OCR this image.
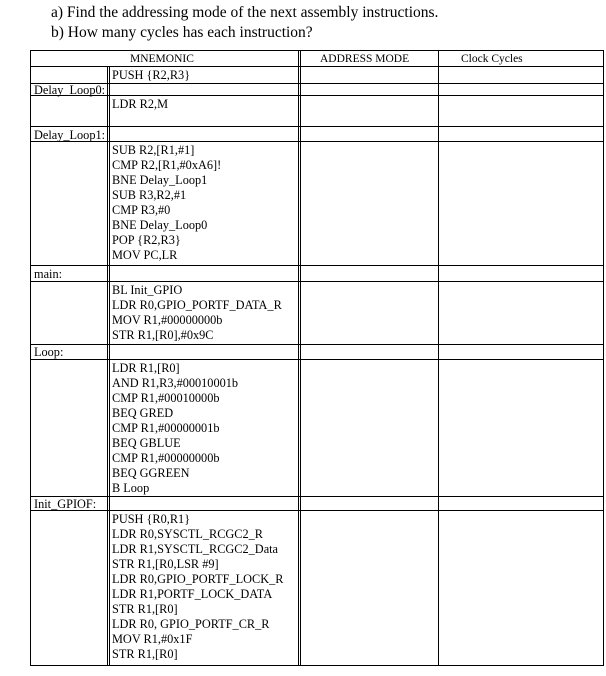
a) Find the addressing mode of the next assembly instructions.
b) How many cycles has each instruction?
MNEMONIC	ADDRESS MODE	Clock Cycles
PUSH {R2,R3}
Delay_Loop0:
LDR R2,M
Delay_Loop1:
SUB R2,[R1,#1]
CMP R2,[R1,#0xA6]!
BNE Delay_Loop1
SUB R3,R2,#1
CMP R3,#0
BNE Delay_Loop0
POP {R2,R3}
MOV PC,LR
main:
BL Init_GPIO
LDR R0,GPIO_PORTF_DATA_R
MOV R1,#00000000b
STR R1,[R0],#0x9C
Loop:
LDR R1,[R0]
AND R1,R3,#00010001b
CMP R1,#00010000b
BEQ GRED
CMP R1,#00000001b
BEQ GBLUE
CMP R1,#00000000b
BEQ GGREEN
B Loop
Init_GPIOF:
PUSH {R0,R1}
LDR R0,SYSCTL_RCGC2_R
LDR R1,SYSCTL_RCGC2_Data
STR R1,[R0,LSR #9]
LDR R0,GPIO_PORTF_LOCK_R
LDR R1,PORTF_LOCK_DATA
STR R1,[R0]
LDR R0, GPIO_PORTF_CR_R
MOV R1,#0x1F
STR R1,[R0]
